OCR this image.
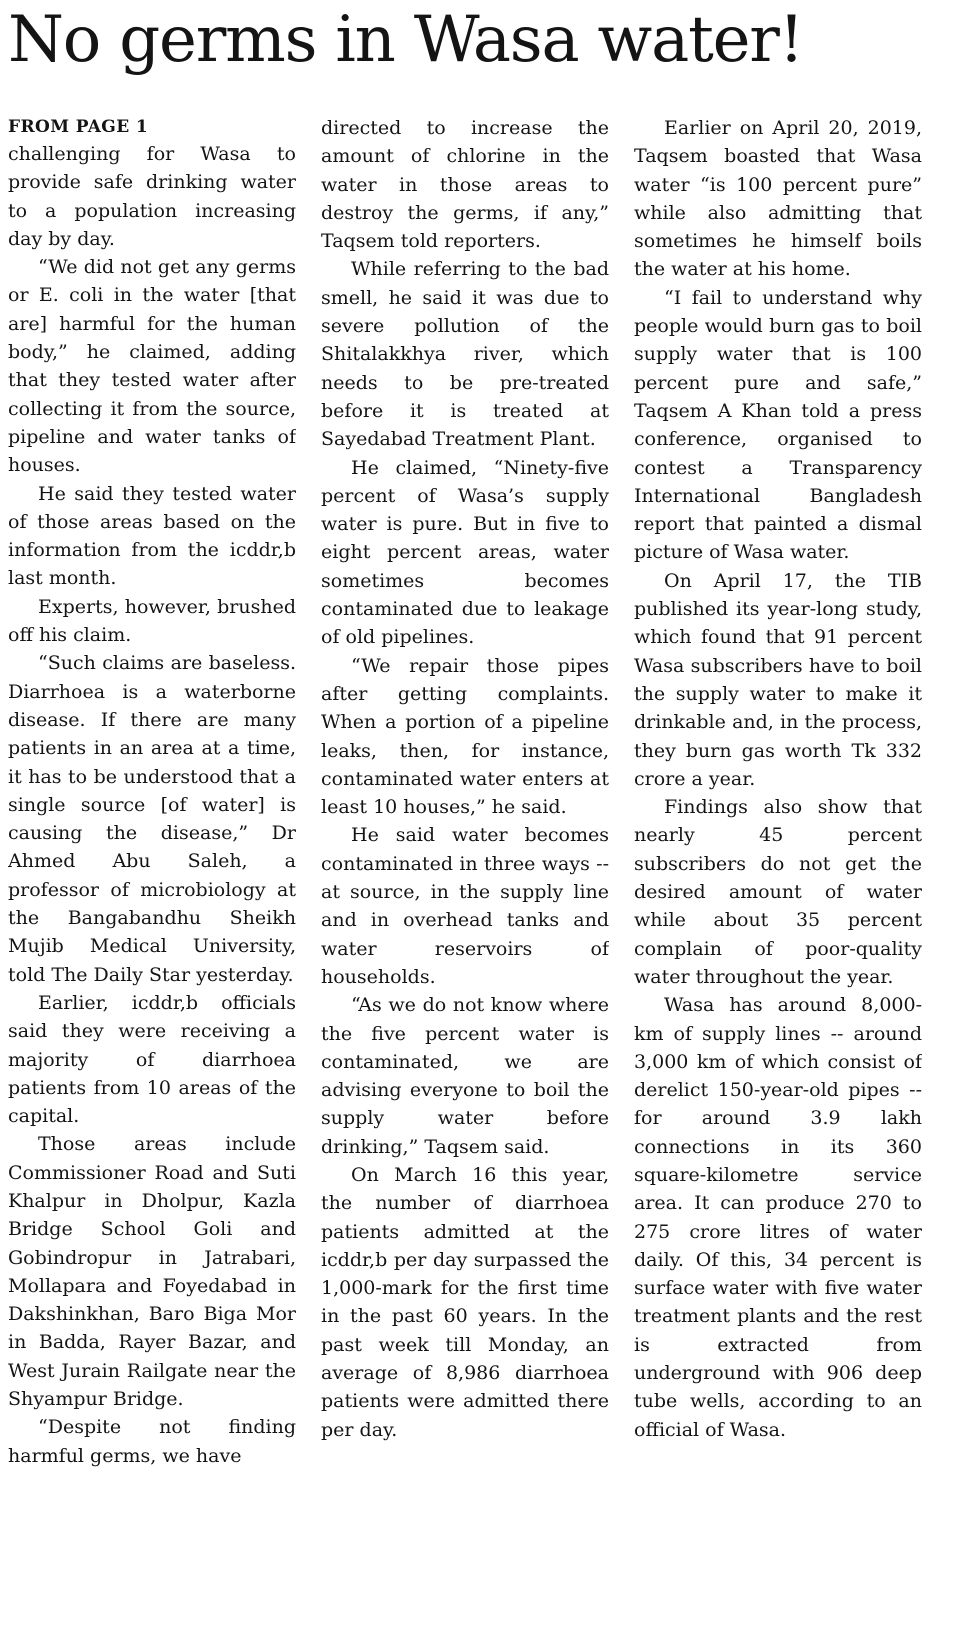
No germs in Wasa water!
FROM PAGE 1

challenging for Wasa to provide safe drinking water to a population increasing day by day.

“We did not get any germs or E. coli in the water [that are] harmful for the human body,” he claimed, adding that they tested water after collecting it from the source, pipeline and water tanks of houses.

He said they tested water of those areas based on the information from the icddr,b last month.

Experts, however, brushed off his claim.

“Such claims are baseless. Diarrhoea is a waterborne disease. If there are many patients in an area at a time, it has to be understood that a single source [of water] is causing the disease,” Dr Ahmed Abu Saleh, a professor of microbiology at the Bangabandhu Sheikh Mujib Medical University, told The Daily Star yesterday.

Earlier, icddr,b officials said they were receiving a majority of diarrhoea patients from 10 areas of the capital.

Those areas include Commissioner Road and Suti Khalpur in Dholpur, Kazla Bridge School Goli and Gobindropur in Jatrabari, Mollapara and Foyedabad in Dakshinkhan, Baro Biga Mor in Badda, Rayer Bazar, and West Jurain Railgate near the Shyampur Bridge.

“Despite not finding harmful germs, we have

directed to increase the amount of chlorine in the water in those areas to destroy the germs, if any,” Taqsem told reporters.

While referring to the bad smell, he said it was due to severe pollution of the Shitalakkhya river, which needs to be pre-treated before it is treated at Sayedabad Treatment Plant.

He claimed, “Ninety-five percent of Wasa’s supply water is pure. But in five to eight percent areas, water sometimes becomes contaminated due to leakage of old pipelines.

“We repair those pipes after getting complaints. When a portion of a pipeline leaks, then, for instance, contaminated water enters at least 10 houses,” he said.

He said water becomes contaminated in three ways -- at source, in the supply line and in overhead tanks and water reservoirs of households.

“As we do not know where the five percent water is contaminated, we are advising everyone to boil the supply water before drinking,” Taqsem said.

On March 16 this year, the number of diarrhoea patients admitted at the icddr,b per day surpassed the 1,000-mark for the first time in the past 60 years. In the past week till Monday, an average of 8,986 diarrhoea patients were admitted there per day.

Earlier on April 20, 2019, Taqsem boasted that Wasa water “is 100 percent pure” while also admitting that sometimes he himself boils the water at his home.

“I fail to understand why people would burn gas to boil supply water that is 100 percent pure and safe,” Taqsem A Khan told a press conference, organised to contest a Transparency International Bangladesh report that painted a dismal picture of Wasa water.

On April 17, the TIB published its year-long study, which found that 91 percent Wasa subscribers have to boil the supply water to make it drinkable and, in the process, they burn gas worth Tk 332 crore a year.

Findings also show that nearly 45 percent subscribers do not get the desired amount of water while about 35 percent complain of poor-quality water throughout the year.

Wasa has around 8,000-km of supply lines -- around 3,000 km of which consist of derelict 150-year-old pipes -- for around 3.9 lakh connections in its 360 square-kilometre service area. It can produce 270 to 275 crore litres of water daily. Of this, 34 percent is surface water with five water treatment plants and the rest is extracted from underground with 906 deep tube wells, according to an official of Wasa.
